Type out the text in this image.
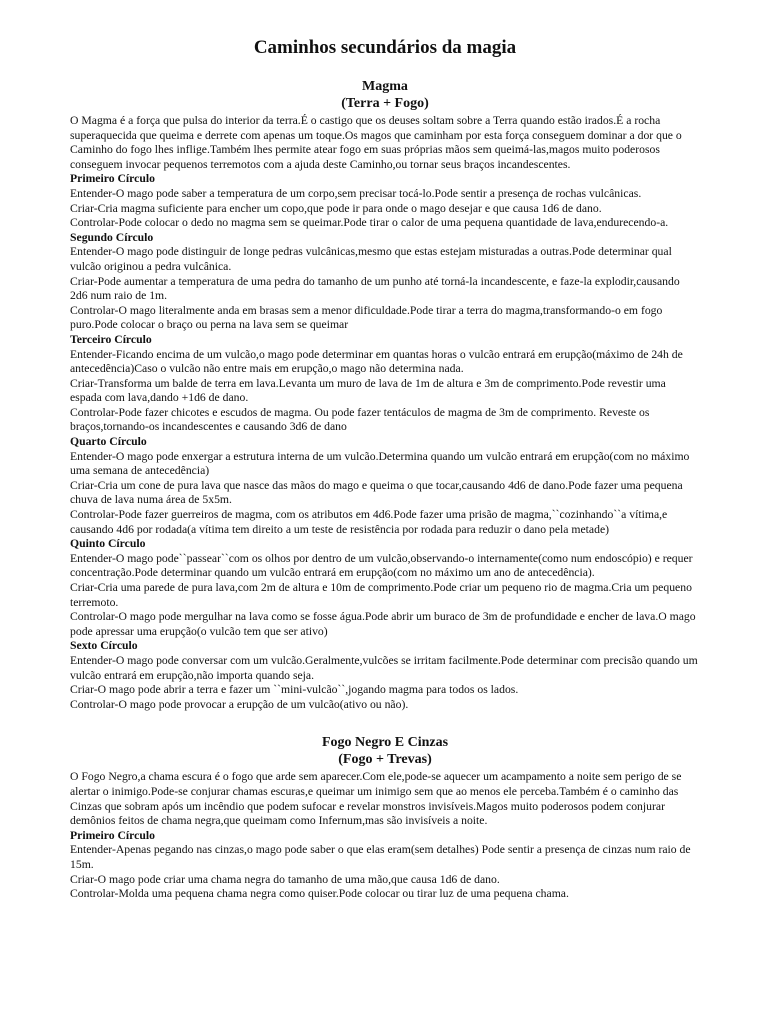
Caminhos secundários da magia
Magma
(Terra + Fogo)

O Magma é a força que pulsa do interior da terra.É o castigo que os deuses soltam sobre a Terra quando estão irados.É a rocha superaquecida que queima e derrete com apenas um toque.Os magos que caminham por esta força conseguem dominar a dor que o Caminho do fogo lhes inflige.Também lhes permite atear fogo em suas próprias mãos sem queimá-las,magos muito poderosos conseguem invocar pequenos terremotos com a ajuda deste Caminho,ou tornar seus braços incandescentes.

Primeiro Círculo

Entender-O mago pode saber a temperatura de um corpo,sem precisar tocá-lo.Pode sentir a presença de rochas vulcânicas.

Criar-Cria magma suficiente para encher um copo,que pode ir para onde o mago desejar e que causa 1d6 de dano.

Controlar-Pode colocar o dedo no magma sem se queimar.Pode tirar o calor de uma pequena quantidade de lava,endurecendo-a.

Segundo Círculo

Entender-O mago pode distinguir de longe pedras vulcânicas,mesmo que estas estejam misturadas a outras.Pode determinar qual vulcão originou a pedra vulcânica.

Criar-Pode aumentar a temperatura de uma pedra do tamanho de um punho até torná-la incandescente, e faze-la explodir,causando 2d6 num raio de 1m.

Controlar-O mago literalmente anda em brasas sem a menor dificuldade.Pode tirar a terra do magma,transformando-o em fogo puro.Pode colocar o braço ou perna na lava sem se queimar

Terceiro Círculo

Entender-Ficando encima de um vulcão,o mago pode determinar em quantas horas o vulcão entrará em erupção(máximo de 24h de antecedência)Caso o vulcão não entre mais em erupção,o mago não determina nada.

Criar-Transforma um balde de terra em lava.Levanta um muro de lava de 1m de altura e 3m de comprimento.Pode revestir uma espada com lava,dando +1d6 de dano.

Controlar-Pode fazer chicotes e escudos de magma. Ou pode fazer tentáculos de magma de 3m de comprimento. Reveste os braços,tornando-os incandescentes e causando 3d6 de dano

Quarto Círculo

Entender-O mago pode enxergar a estrutura interna de um vulcão.Determina quando um vulcão entrará em erupção(com no máximo uma semana de antecedência)

Criar-Cria um cone de pura lava que nasce das mãos do mago e queima o que tocar,causando 4d6 de dano.Pode fazer uma pequena chuva de lava numa área de 5x5m.

Controlar-Pode fazer guerreiros de magma, com os atributos em 4d6.Pode fazer uma prisão de magma,``cozinhando``a vítima,e causando 4d6 por rodada(a vítima tem direito a um teste de resistência por rodada para reduzir o dano pela metade)

Quinto Círculo

Entender-O mago pode``passear``com os olhos por dentro de um vulcão,observando-o internamente(como num endoscópio) e requer concentração.Pode determinar quando um vulcão entrará em erupção(com no máximo um ano de antecedência).

Criar-Cria uma parede de pura lava,com 2m de altura e 10m de comprimento.Pode criar um pequeno rio de magma.Cria um pequeno terremoto.

Controlar-O mago pode mergulhar na lava como se fosse água.Pode abrir um buraco de 3m de profundidade e encher de lava.O mago pode apressar uma erupção(o vulcão tem que ser ativo)

Sexto Círculo

Entender-O mago pode conversar com um vulcão.Geralmente,vulcões se irritam facilmente.Pode determinar com precisão quando um vulcão entrará em erupção,não importa quando seja.

Criar-O mago pode abrir a terra e fazer um ``mini-vulcão``,jogando magma para todos os lados.

Controlar-O mago pode provocar a erupção de um vulcão(ativo ou não).

Fogo Negro E Cinzas
(Fogo + Trevas)

O Fogo Negro,a chama escura é o fogo que arde sem aparecer.Com ele,pode-se aquecer um acampamento a noite sem perigo de se alertar o inimigo.Pode-se conjurar chamas escuras,e queimar um inimigo sem que ao menos ele perceba.Também é o caminho das Cinzas que sobram após um incêndio que podem sufocar e revelar monstros invisíveis.Magos muito poderosos podem conjurar demônios feitos de chama negra,que queimam como Infernum,mas são invisíveis a noite.

Primeiro Círculo

Entender-Apenas pegando nas cinzas,o mago pode saber o que elas eram(sem detalhes) Pode sentir a presença de cinzas num raio de 15m.

Criar-O mago pode criar uma chama negra do tamanho de uma mão,que causa 1d6 de dano.

Controlar-Molda uma pequena chama negra como quiser.Pode colocar ou tirar luz de uma pequena chama.
